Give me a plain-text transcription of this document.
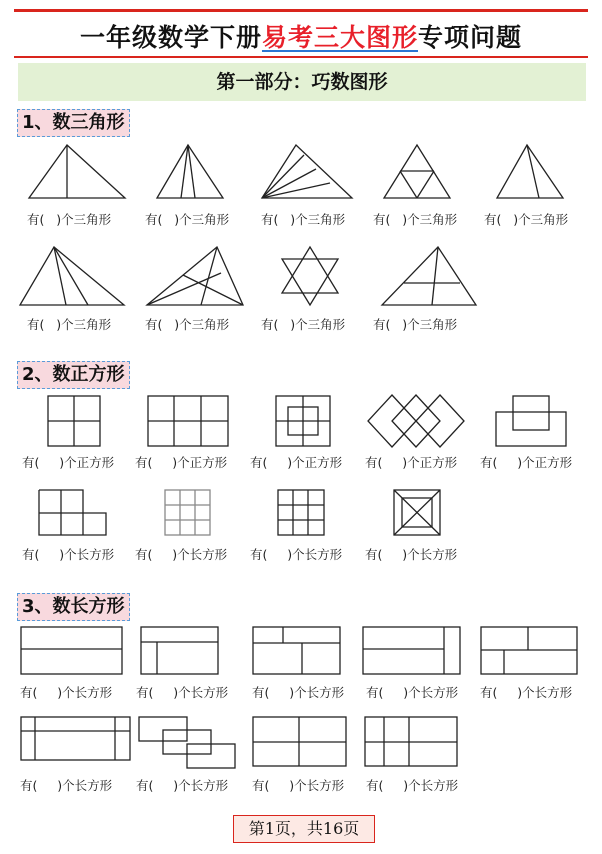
一年级数学下册易考三大图形专项问题
第一部分：巧数图形
1、数三角形
有(   )个三角形	有(   )个三角形	有(   )个三角形 有(   )个三角形 有(   )个三角形
有(   )个三角形	有(   )个三角形	有(   )个三角形 有(   )个三角形
2、数正方形
有(     )个正方形 有(     )个正方形 有(     )个正方形 有(     )个正方形 有(     )个正方形
有(     )个长方形 有(     )个长方形 有(     )个长方形 有(     )个长方形
3、数长方形
有(     )个长方形 有(     )个长方形 有(     )个长方形 有(     )个长方形 有(     )个长方形
有(     )个长方形 有(     )个长方形 有(     )个长方形 有(     )个长方形
第1页，共16页
